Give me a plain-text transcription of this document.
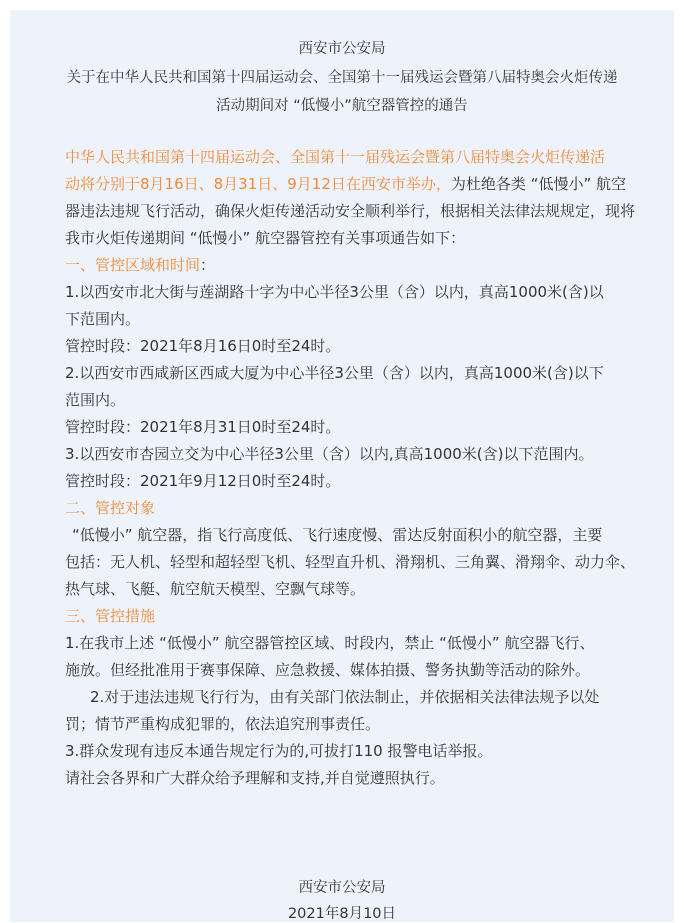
西安市公安局
关于在中华人民共和国第十四届运动会、全国第十一届残运会暨第八届特奥会火炬传递
活动期间对 “低慢小”航空器管控的通告
中华人民共和国第十四届运动会、全国第十一届残运会暨第八届特奥会火炬传递活
动将分别于8月16日、8月31日、9月12日在西安市举办，为杜绝各类 “低慢小” 航空
器违法违规飞行活动，确保火炬传递活动安全顺利举行，根据相关法律法规规定，现将
我市火炬传递期间 “低慢小” 航空器管控有关事项通告如下：
一、管控区域和时间：
1.以西安市北大街与莲湖路十字为中心半径3公里（含）以内，真高1000米(含)以
下范围内。
管控时段：2021年8月16日0时至24时。
2.以西安市西咸新区西咸大厦为中心半径3公里（含）以内，真高1000米(含)以下
范围内。
管控时段：2021年8月31日0时至24时。
3.以西安市杏园立交为中心半径3公里（含）以内,真高1000米(含)以下范围内。
管控时段：2021年9月12日0时至24时。
二、管控对象
“低慢小” 航空器，指飞行高度低、飞行速度慢、雷达反射面积小的航空器，主要
包括：无人机、轻型和超轻型飞机、轻型直升机、滑翔机、三角翼、滑翔伞、动力伞、
热气球、飞艇、航空航天模型、空飘气球等。
三、管控措施
1.在我市上述 “低慢小” 航空器管控区域、时段内，禁止 “低慢小” 航空器飞行、
施放。但经批准用于赛事保障、应急救援、媒体拍摄、警务执勤等活动的除外。
2.对于违法违规飞行行为，由有关部门依法制止，并依据相关法律法规予以处
罚；情节严重构成犯罪的，依法追究刑事责任。
3.群众发现有违反本通告规定行为的,可拔打110 报警电话举报。
请社会各界和广大群众给予理解和支持,并自觉遵照执行。
西安市公安局
2021年8月10日
